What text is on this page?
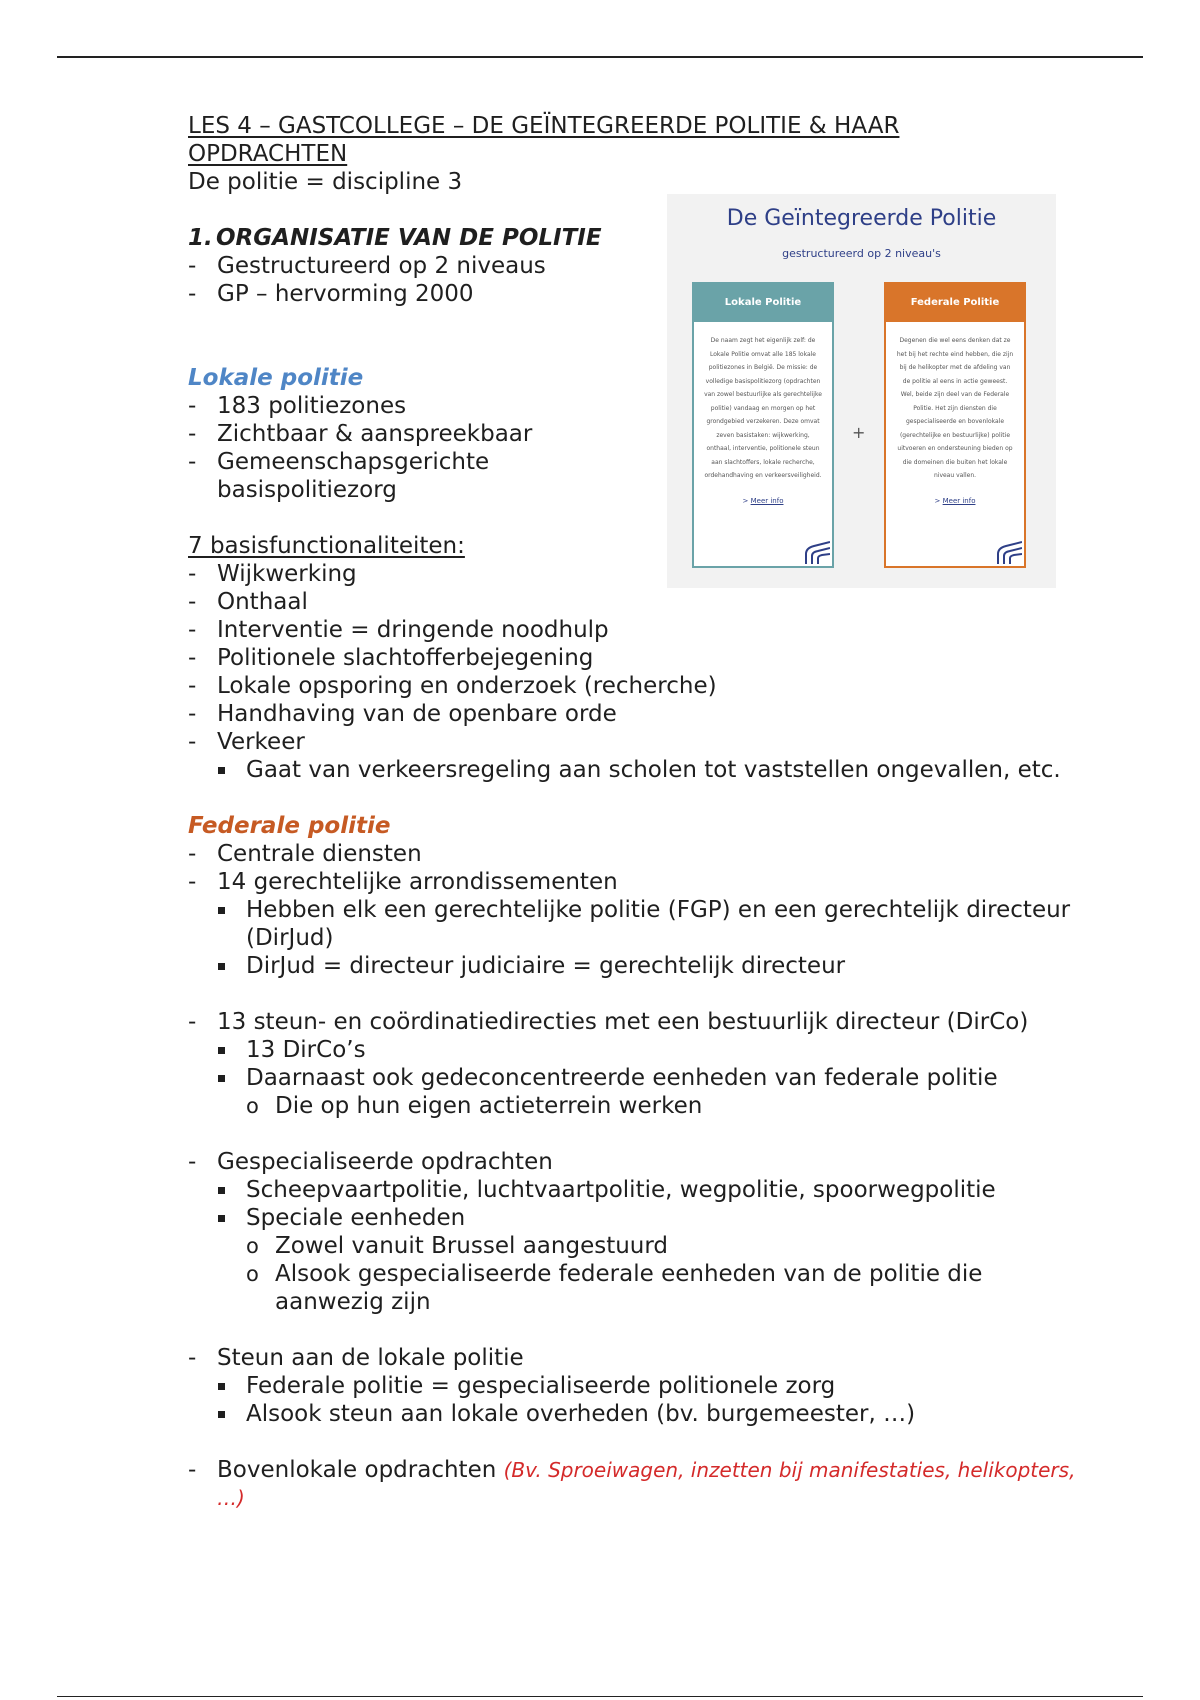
LES 4 – GASTCOLLEGE – DE GEÏNTEGREERDE POLITIE & HAAR
OPDRACHTEN
De politie = discipline 3
1. ORGANISATIE VAN DE POLITIE
- Gestructureerd op 2 niveaus
- GP – hervorming 2000
Lokale politie
- 183 politiezones
- Zichtbaar & aanspreekbaar
- Gemeenschapsgerichte basispolitiezorg
7 basisfunctionaliteiten:
- Wijkwerking
- Onthaal
- Interventie = dringende noodhulp
- Politionele slachtofferbejegening
- Lokale opsporing en onderzoek (recherche)
- Handhaving van de openbare orde
- Verkeer
Gaat van verkeersregeling aan scholen tot vaststellen ongevallen, etc.
Federale politie
- Centrale diensten
- 14 gerechtelijke arrondissementen
Hebben elk een gerechtelijke politie (FGP) en een gerechtelijk directeur (DirJud)
DirJud = directeur judiciaire = gerechtelijk directeur
- 13 steun- en coördinatiedirecties met een bestuurlijk directeur (DirCo)
13 DirCo’s
Daarnaast ook gedeconcentreerde eenheden van federale politie
o Die op hun eigen actieterrein werken
- Gespecialiseerde opdrachten
Scheepvaartpolitie, luchtvaartpolitie, wegpolitie, spoorwegpolitie
Speciale eenheden
o Zowel vanuit Brussel aangestuurd
o Alsook gespecialiseerde federale eenheden van de politie die aanwezig zijn
- Steun aan de lokale politie
Federale politie = gespecialiseerde politionele zorg
Alsook steun aan lokale overheden (bv. burgemeester, …)
- Bovenlokale opdrachten (Bv. Sproeiwagen, inzetten bij manifestaties, helikopters, …)
De Geïntegreerde Politie
gestructureerd op 2 niveau's
Lokale Politie
De naam zegt het eigenlijk zelf: de Lokale Politie omvat alle 185 lokale politiezones in België. De missie: de volledige basispolitiezorg (opdrachten van zowel bestuurlijke als gerechtelijke politie) vandaag en morgen op het grondgebied verzekeren. Deze omvat zeven basistaken: wijkwerking, onthaal, interventie, politionele steun aan slachtoffers, lokale recherche, ordehandhaving en verkeersveiligheid.
> Meer info
+
Federale Politie
Degenen die wel eens denken dat ze het bij het rechte eind hebben, die zijn bij de helikopter met de afdeling van de politie al eens in actie geweest. Wel, beide zijn deel van de Federale Politie. Het zijn diensten die gespecialiseerde en bovenlokale (gerechtelijke en bestuurlijke) politie uitvoeren en ondersteuning bieden op die domeinen die buiten het lokale niveau vallen.
> Meer info
